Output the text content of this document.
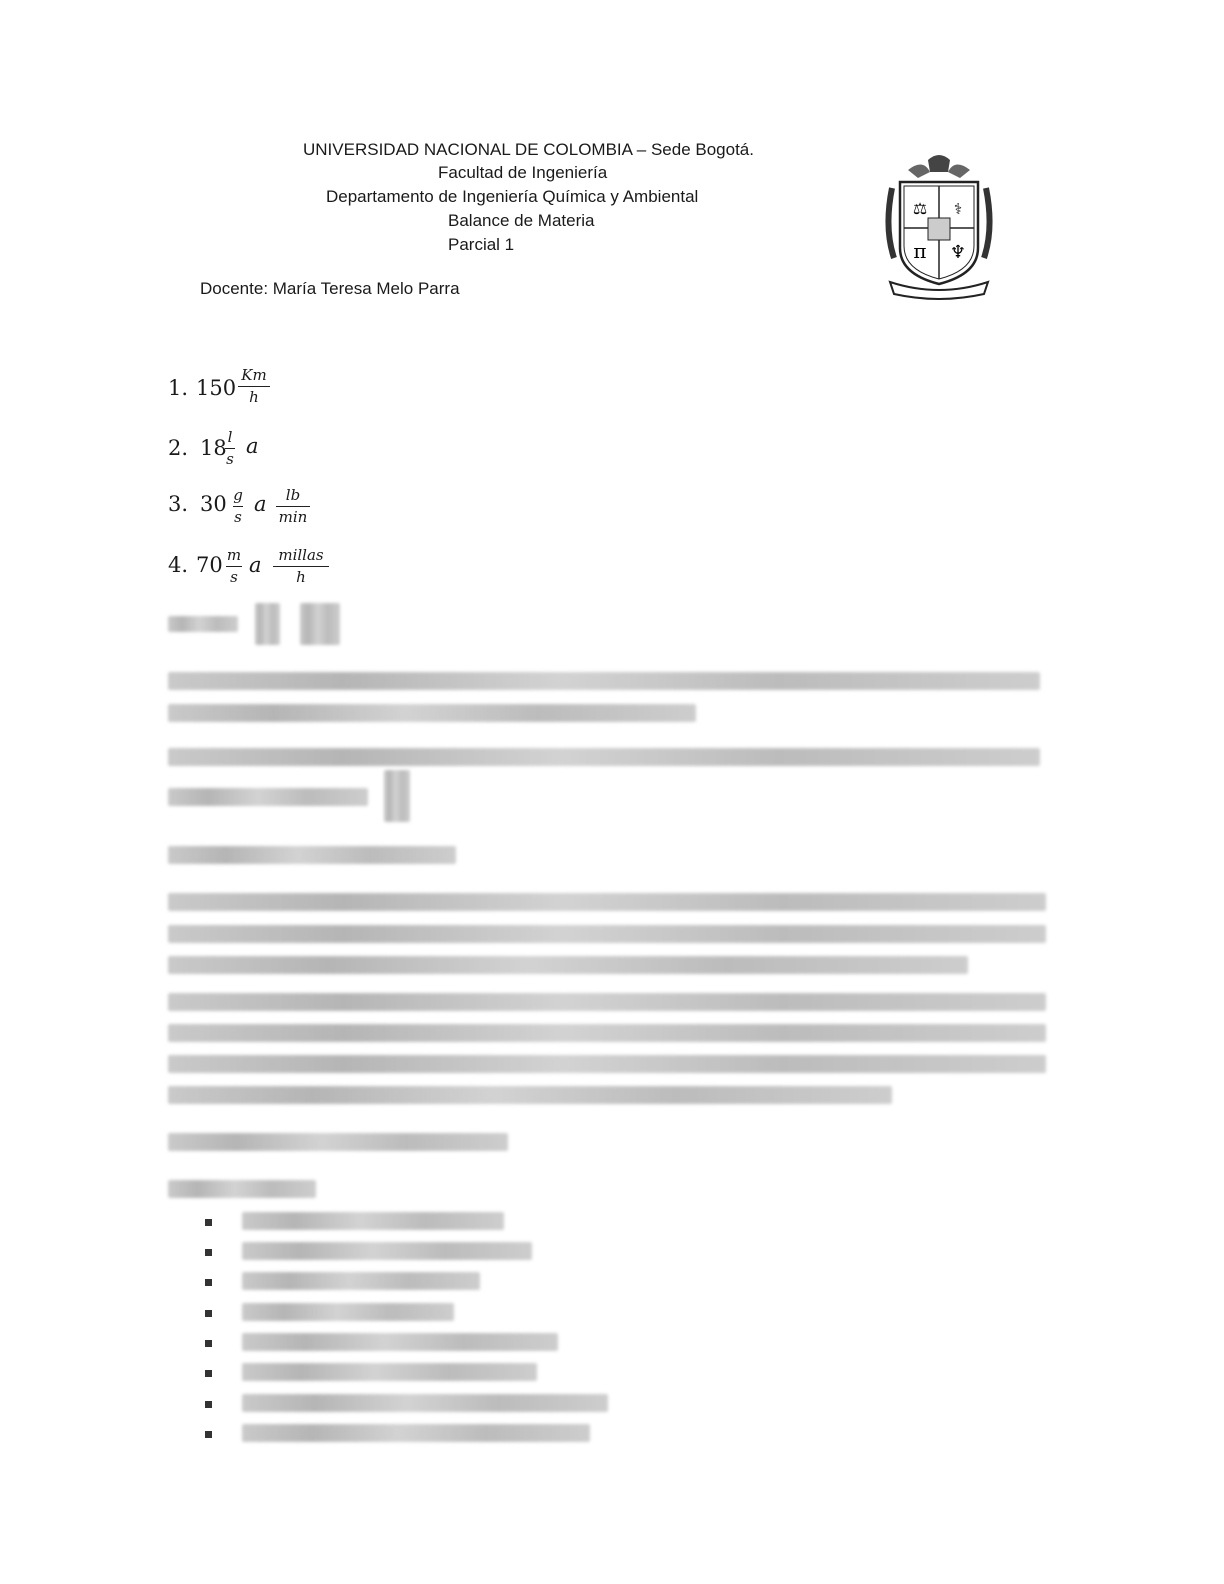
UNIVERSIDAD NACIONAL DE COLOMBIA – Sede Bogotá.
Facultad de Ingeniería
Departamento de Ingeniería Química y Ambiental
Balance de Materia
Parcial 1
Docente: María Teresa Melo Parra
⚖ ⚕
π ♆
1. 150
Km
h
2. 18 l
s
a
3. 30 g
s
a	lb
min
4. 70 m
s a	millas
h
